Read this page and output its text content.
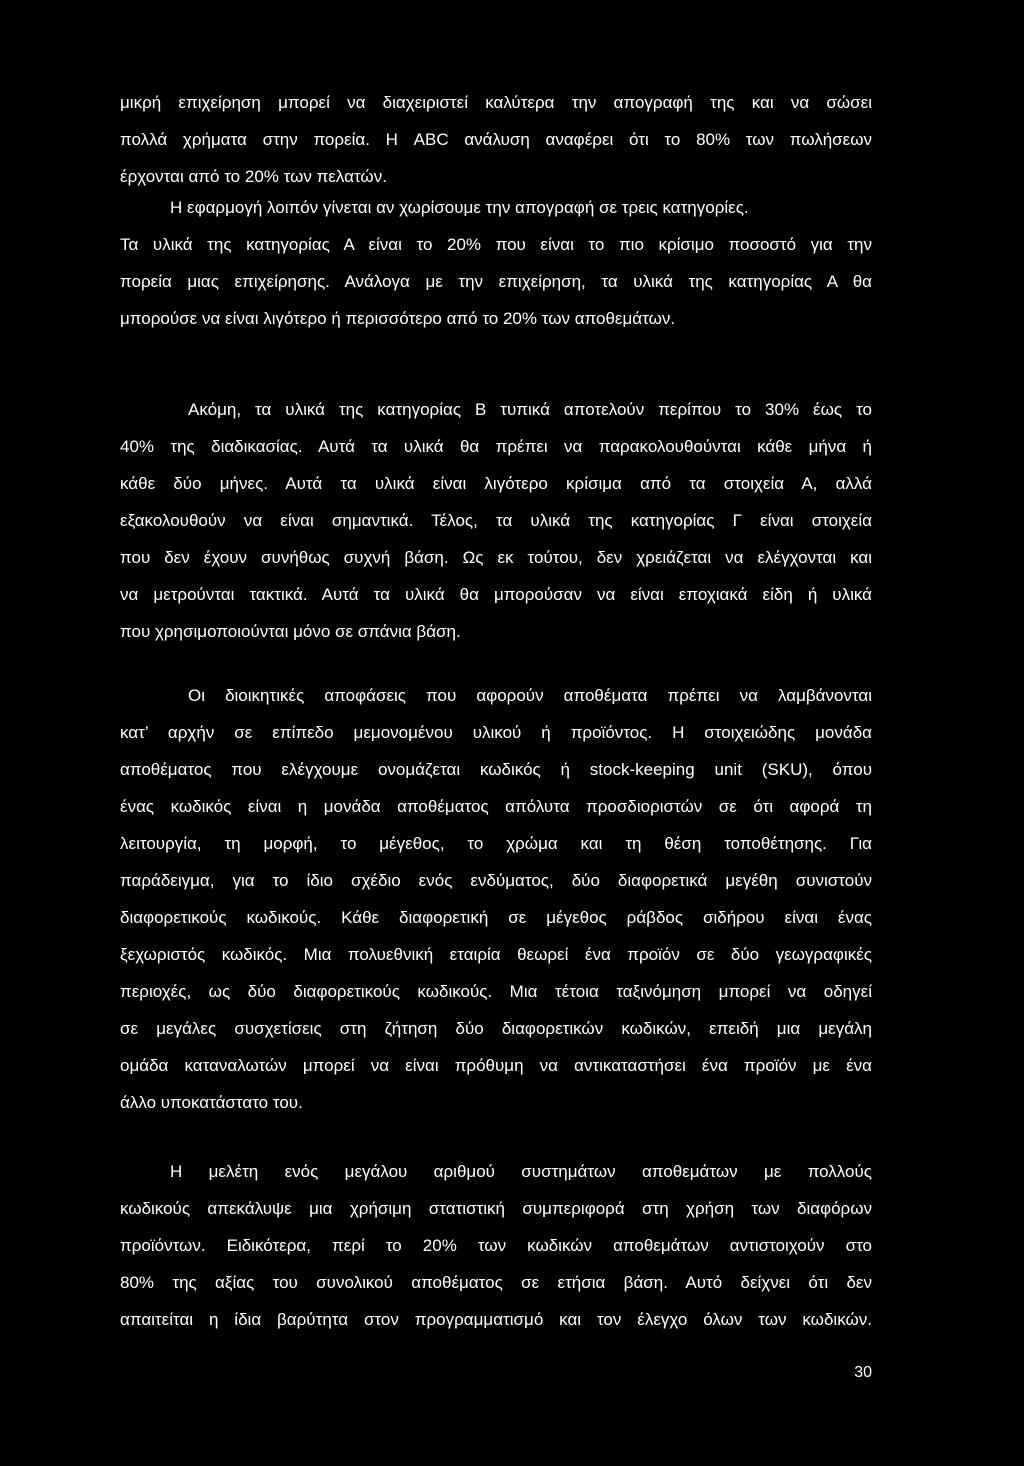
μικρή επιχείρηση μπορεί να διαχειριστεί καλύτερα την απογραφή της και να σώσει
πολλά χρήματα στην πορεία. Η ABC ανάλυση αναφέρει ότι το 80% των πωλήσεων
έρχονται από το 20% των πελατών.
Η εφαρμογή λοιπόν γίνεται αν χωρίσουμε την απογραφή σε τρεις κατηγορίες.
Τα υλικά της κατηγορίας Α είναι το 20% που είναι το πιο κρίσιμο ποσοστό για την
πορεία μιας επιχείρησης. Ανάλογα με την επιχείρηση, τα υλικά της κατηγορίας Α θα
μπορούσε να είναι λιγότερο ή περισσότερο από το 20% των αποθεμάτων.
Ακόμη, τα υλικά της κατηγορίας Β τυπικά αποτελούν περίπου το 30% έως το
40% της διαδικασίας. Αυτά τα υλικά θα πρέπει να παρακολουθούνται κάθε μήνα ή
κάθε δύο μήνες. Αυτά τα υλικά είναι λιγότερο κρίσιμα από τα στοιχεία Α, αλλά
εξακολουθούν να είναι σημαντικά. Τέλος, τα υλικά της κατηγορίας Γ είναι στοιχεία
που δεν έχουν συνήθως συχνή βάση. Ως εκ τούτου, δεν χρειάζεται να ελέγχονται και
να μετρούνται τακτικά. Αυτά τα υλικά θα μπορούσαν να είναι εποχιακά είδη ή υλικά
που χρησιμοποιούνται μόνο σε σπάνια βάση.
Οι διοικητικές αποφάσεις που αφορούν αποθέματα πρέπει να λαμβάνονται
κατ’ αρχήν σε επίπεδο μεμονομένου υλικού ή προϊόντος. Η στοιχειώδης μονάδα
αποθέματος που ελέγχουμε ονομάζεται κωδικός ή stock-keeping unit (SKU), όπου
ένας κωδικός είναι η μονάδα αποθέματος απόλυτα προσδιοριστών σε ότι αφορά τη
λειτουργία, τη μορφή, το μέγεθος, το χρώμα και τη θέση τοποθέτησης. Για
παράδειγμα, για το ίδιο σχέδιο ενός ενδύματος, δύο διαφορετικά μεγέθη συνιστούν
διαφορετικούς κωδικούς. Κάθε διαφορετική σε μέγεθος ράβδος σιδήρου είναι ένας
ξεχωριστός κωδικός. Μια πολυεθνική εταιρία θεωρεί ένα προϊόν σε δύο γεωγραφικές
περιοχές, ως δύο διαφορετικούς κωδικούς. Μια τέτοια ταξινόμηση μπορεί να οδηγεί
σε μεγάλες συσχετίσεις στη ζήτηση δύο διαφορετικών κωδικών, επειδή μια μεγάλη
ομάδα καταναλωτών μπορεί να είναι πρόθυμη να αντικαταστήσει ένα προϊόν με ένα
άλλο υποκατάστατο του.
Η μελέτη ενός μεγάλου αριθμού συστημάτων αποθεμάτων με πολλούς
κωδικούς απεκάλυψε μια χρήσιμη στατιστική συμπεριφορά στη χρήση των διαφόρων
προϊόντων. Ειδικότερα, περί το 20% των κωδικών αποθεμάτων αντιστοιχούν στο
80% της αξίας του συνολικού αποθέματος σε ετήσια βάση. Αυτό δείχνει ότι δεν
απαιτείται η ίδια βαρύτητα στον προγραμματισμό και τον έλεγχο όλων των κωδικών.
30
